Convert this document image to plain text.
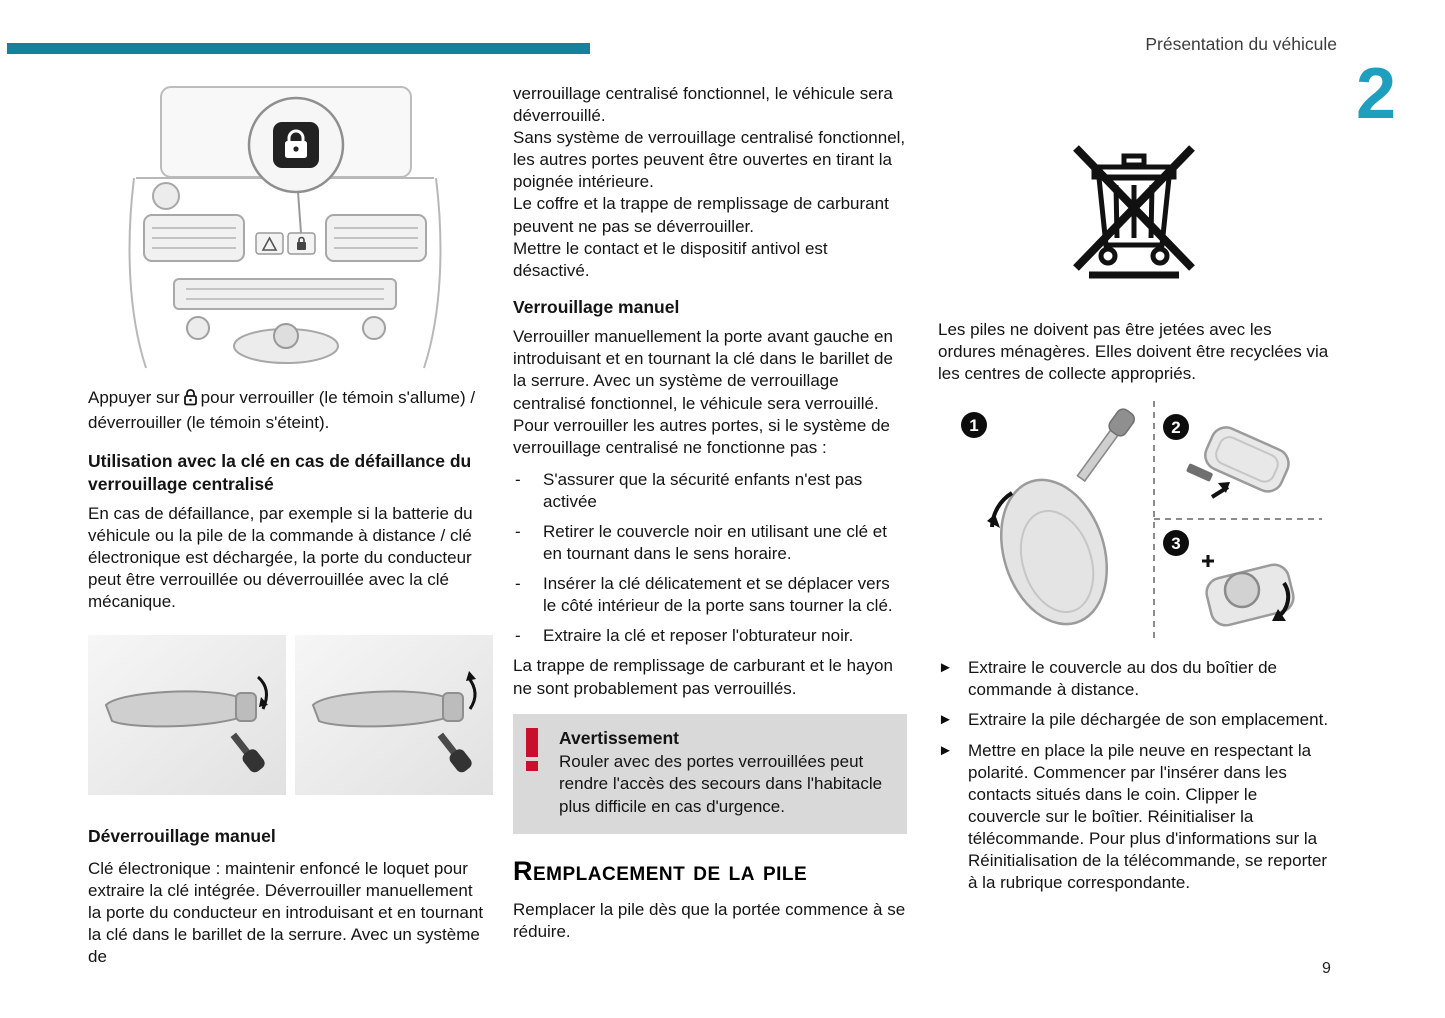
Présentation du véhicule
2
9

Appuyer sur pour verrouiller (le témoin s'allume) / déverrouiller (le témoin s'éteint).

Utilisation avec la clé en cas de défaillance du verrouillage centralisé

En cas de défaillance, par exemple si la batterie du véhicule ou la pile de la commande à distance / clé électronique est déchargée, la porte du conducteur peut être verrouillée ou déverrouillée avec la clé mécanique.

Déverrouillage manuel

Clé électronique : maintenir enfoncé le loquet pour extraire la clé intégrée. Déverrouiller manuellement la porte du conducteur en introduisant et en tournant la clé dans le barillet de la serrure. Avec un système de

verrouillage centralisé fonctionnel, le véhicule sera déverrouillé.

Sans système de verrouillage centralisé fonctionnel, les autres portes peuvent être ouvertes en tirant la poignée intérieure.

Le coffre et la trappe de remplissage de carburant peuvent ne pas se déverrouiller.

Mettre le contact et le dispositif antivol est désactivé.

Verrouillage manuel

Verrouiller manuellement la porte avant gauche en introduisant et en tournant la clé dans le barillet de la serrure. Avec un système de verrouillage centralisé fonctionnel, le véhicule sera verrouillé.

Pour verrouiller les autres portes, si le système de verrouillage centralisé ne fonctionne pas :

- S'assurer que la sécurité enfants n'est pas activée
- Retirer le couvercle noir en utilisant une clé et en tournant dans le sens horaire.
- Insérer la clé délicatement et se déplacer vers le côté intérieur de la porte sans tourner la clé.
- Extraire la clé et reposer l'obturateur noir.

La trappe de remplissage de carburant et le hayon ne sont probablement pas verrouillés.

Avertissement

Rouler avec des portes verrouillées peut rendre l'accès des secours dans l'habitacle plus difficile en cas d'urgence.

Remplacement de la pile

Remplacer la pile dès que la portée commence à se réduire.

Les piles ne doivent pas être jetées avec les ordures ménagères. Elles doivent être recyclées via les centres de collecte appropriés.

1	2
3
► Extraire le couvercle au dos du boîtier de commande à distance.
► Extraire la pile déchargée de son emplacement.
► Mettre en place la pile neuve en respectant la polarité. Commencer par l'insérer dans les contacts situés dans le coin. Clipper le couvercle sur le boîtier. Réinitialiser la télécommande. Pour plus d'informations sur la Réinitialisation de la télécommande, se reporter à la rubrique correspondante.
